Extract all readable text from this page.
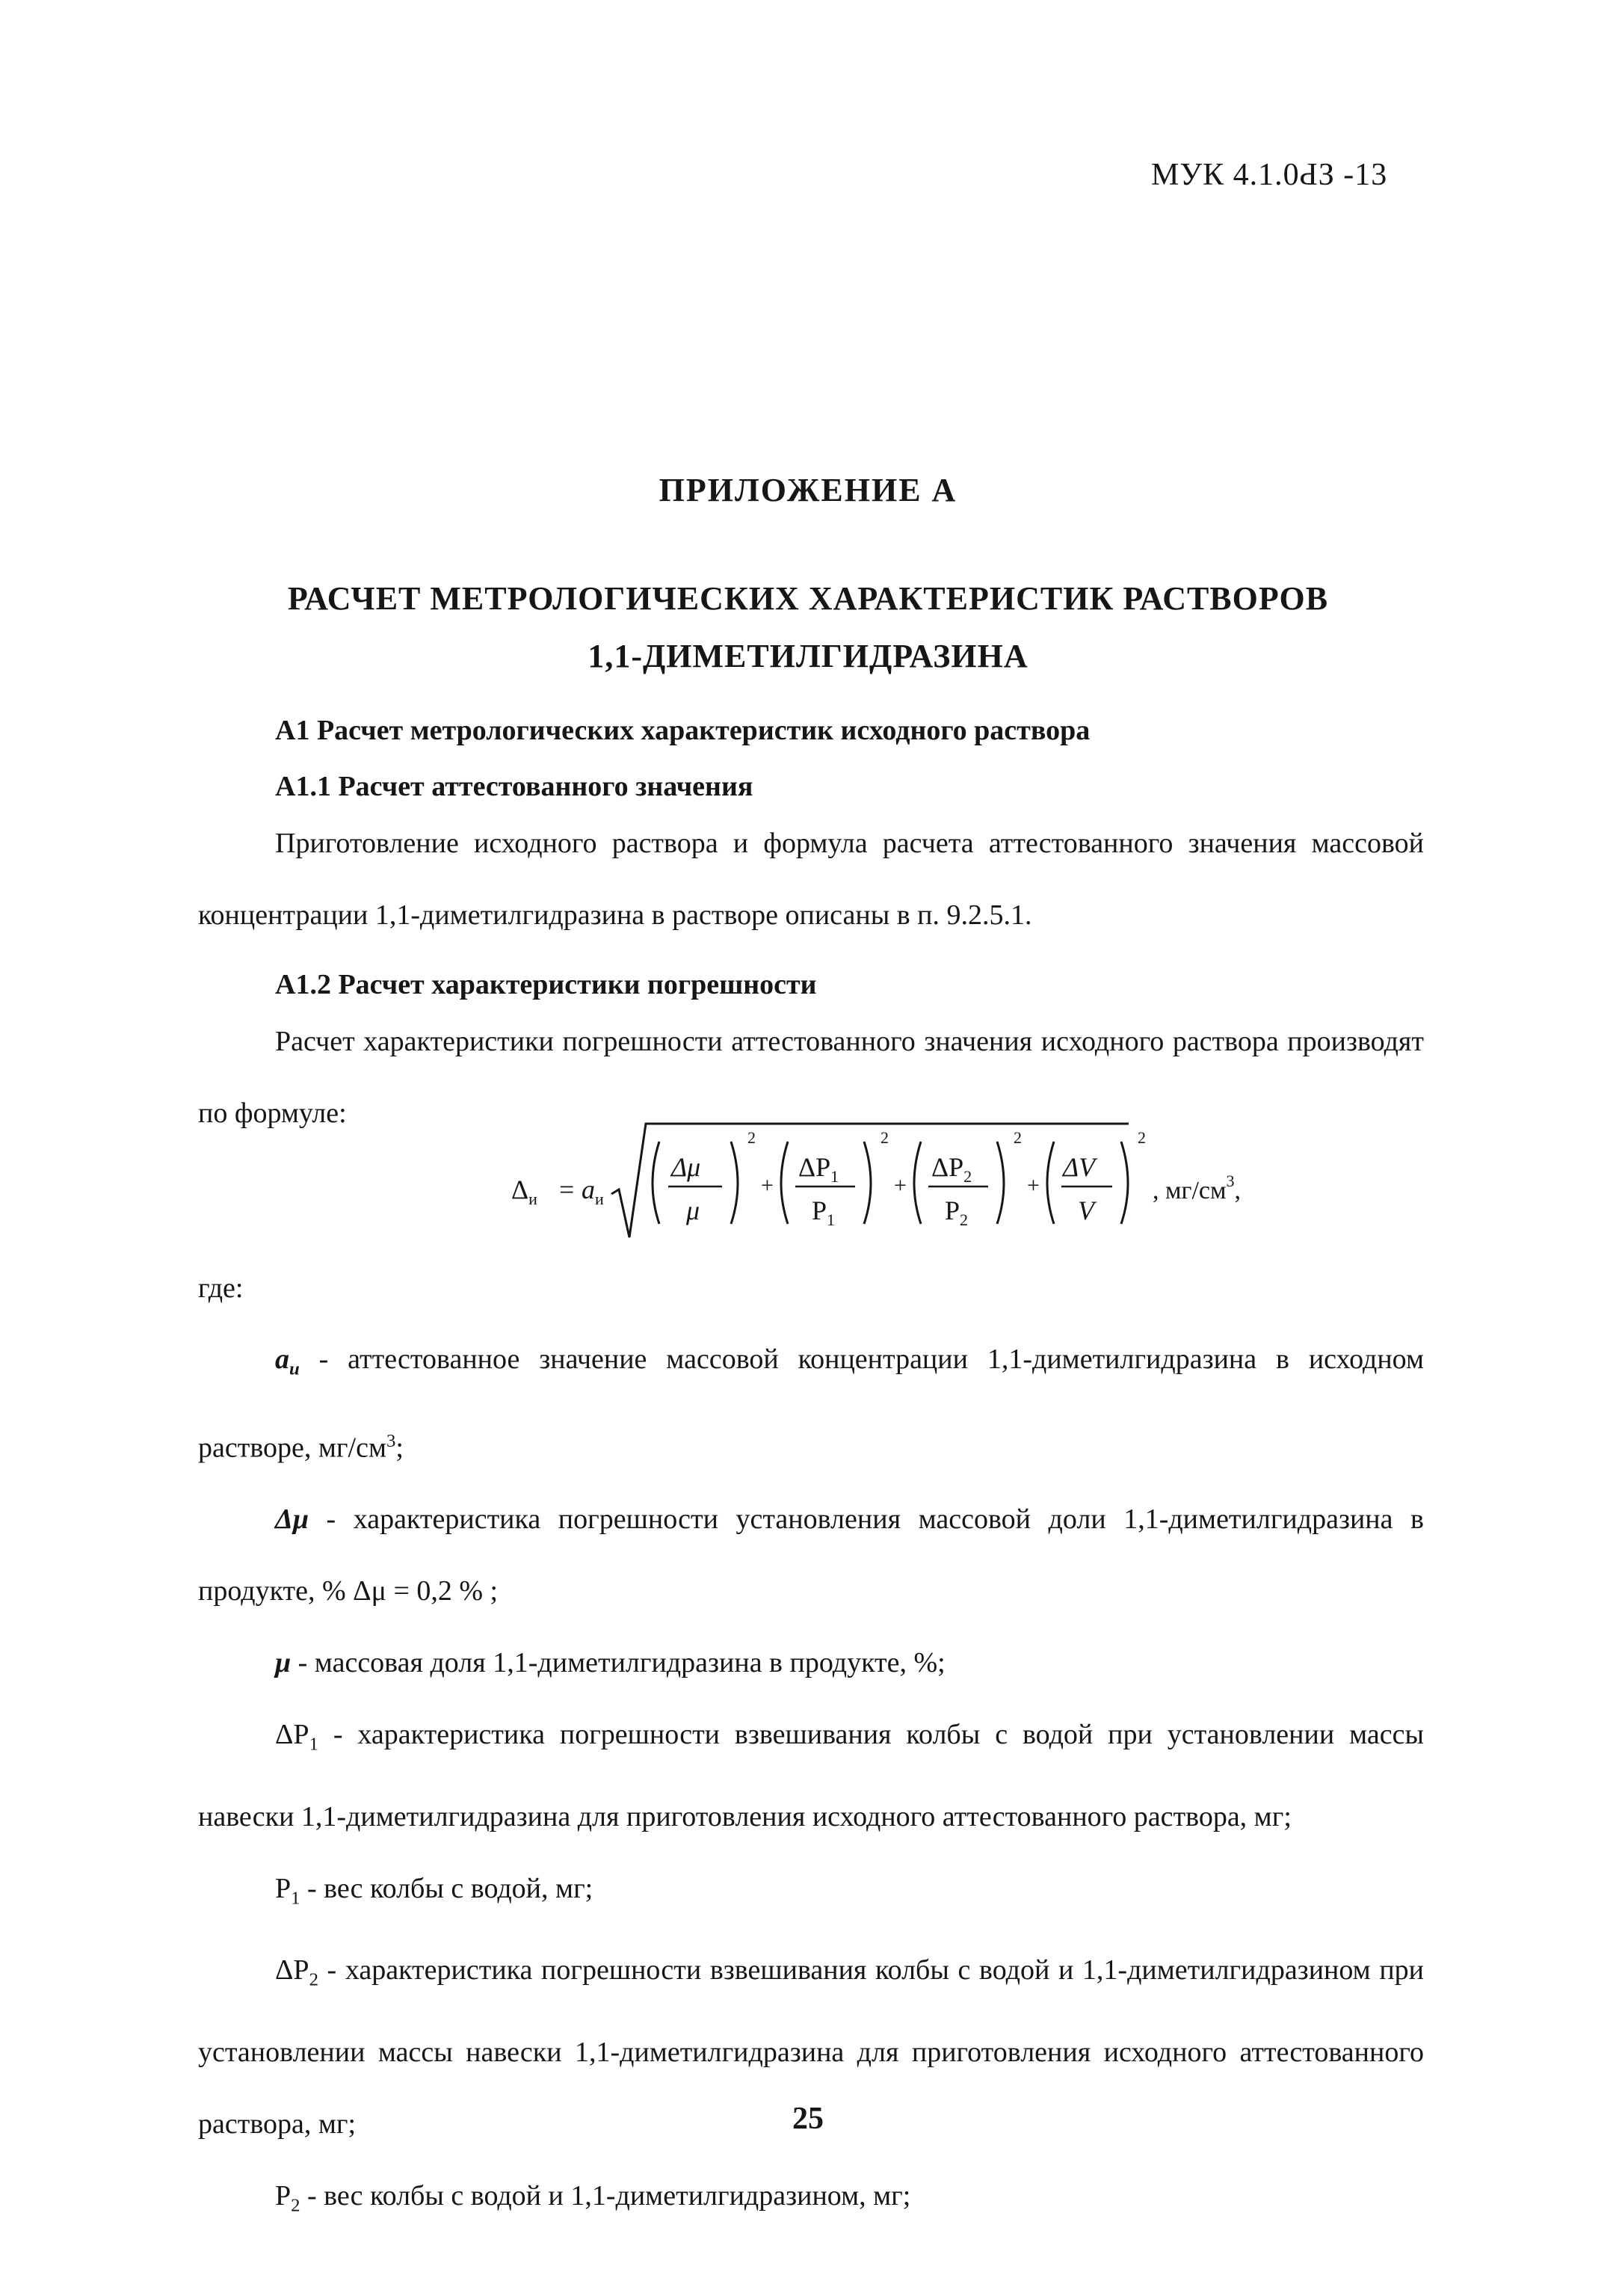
МУК 4.1.0ԀЗ -13
ПРИЛОЖЕНИЕ А
РАСЧЕТ МЕТРОЛОГИЧЕСКИХ ХАРАКТЕРИСТИК РАСТВОРОВ
1,1-ДИМЕТИЛГИДРАЗИНА
А1 Расчет метрологических характеристик исходного раствора
А1.1 Расчет аттестованного значения

Приготовление исходного раствора и формула расчета аттестованного значения массовой концентрации 1,1-диметилгидразина в растворе описаны в п. 9.2.5.1.

А1.2 Расчет характеристики погрешности

Расчет характеристики погрешности аттестованного значения исходного раствора производят по формуле:

$\Delta_и = a_и$
Δμ
μ
2
+
$\Delta P_1$
$P_1$
2
+
$\Delta P_2$
$P_2$
2
+
ΔV
V
2
, $мг/см^3$,
где:

$a_и$ - аттестованное значение массовой концентрации 1,1-диметилгидразина в исходном растворе, $мг/см^3$;

Δμ - характеристика погрешности установления массовой доли 1,1-диметилгидразина в продукте, % Δμ = 0,2 % ;

μ - массовая доля 1,1-диметилгидразина в продукте, %;

$\Delta P_1$ - характеристика погрешности взвешивания колбы с водой при установлении массы навески 1,1-диметилгидразина для приготовления исходного аттестованного раствора, мг;

$P_1$ - вес колбы с водой, мг;

$\Delta P_2$ - характеристика погрешности взвешивания колбы с водой и 1,1-диметилгидразином при установлении массы навески 1,1-диметилгидразина для приготовления исходного аттестованного раствора, мг;

$P_2$ - вес колбы с водой и 1,1-диметилгидразином, мг;

25
